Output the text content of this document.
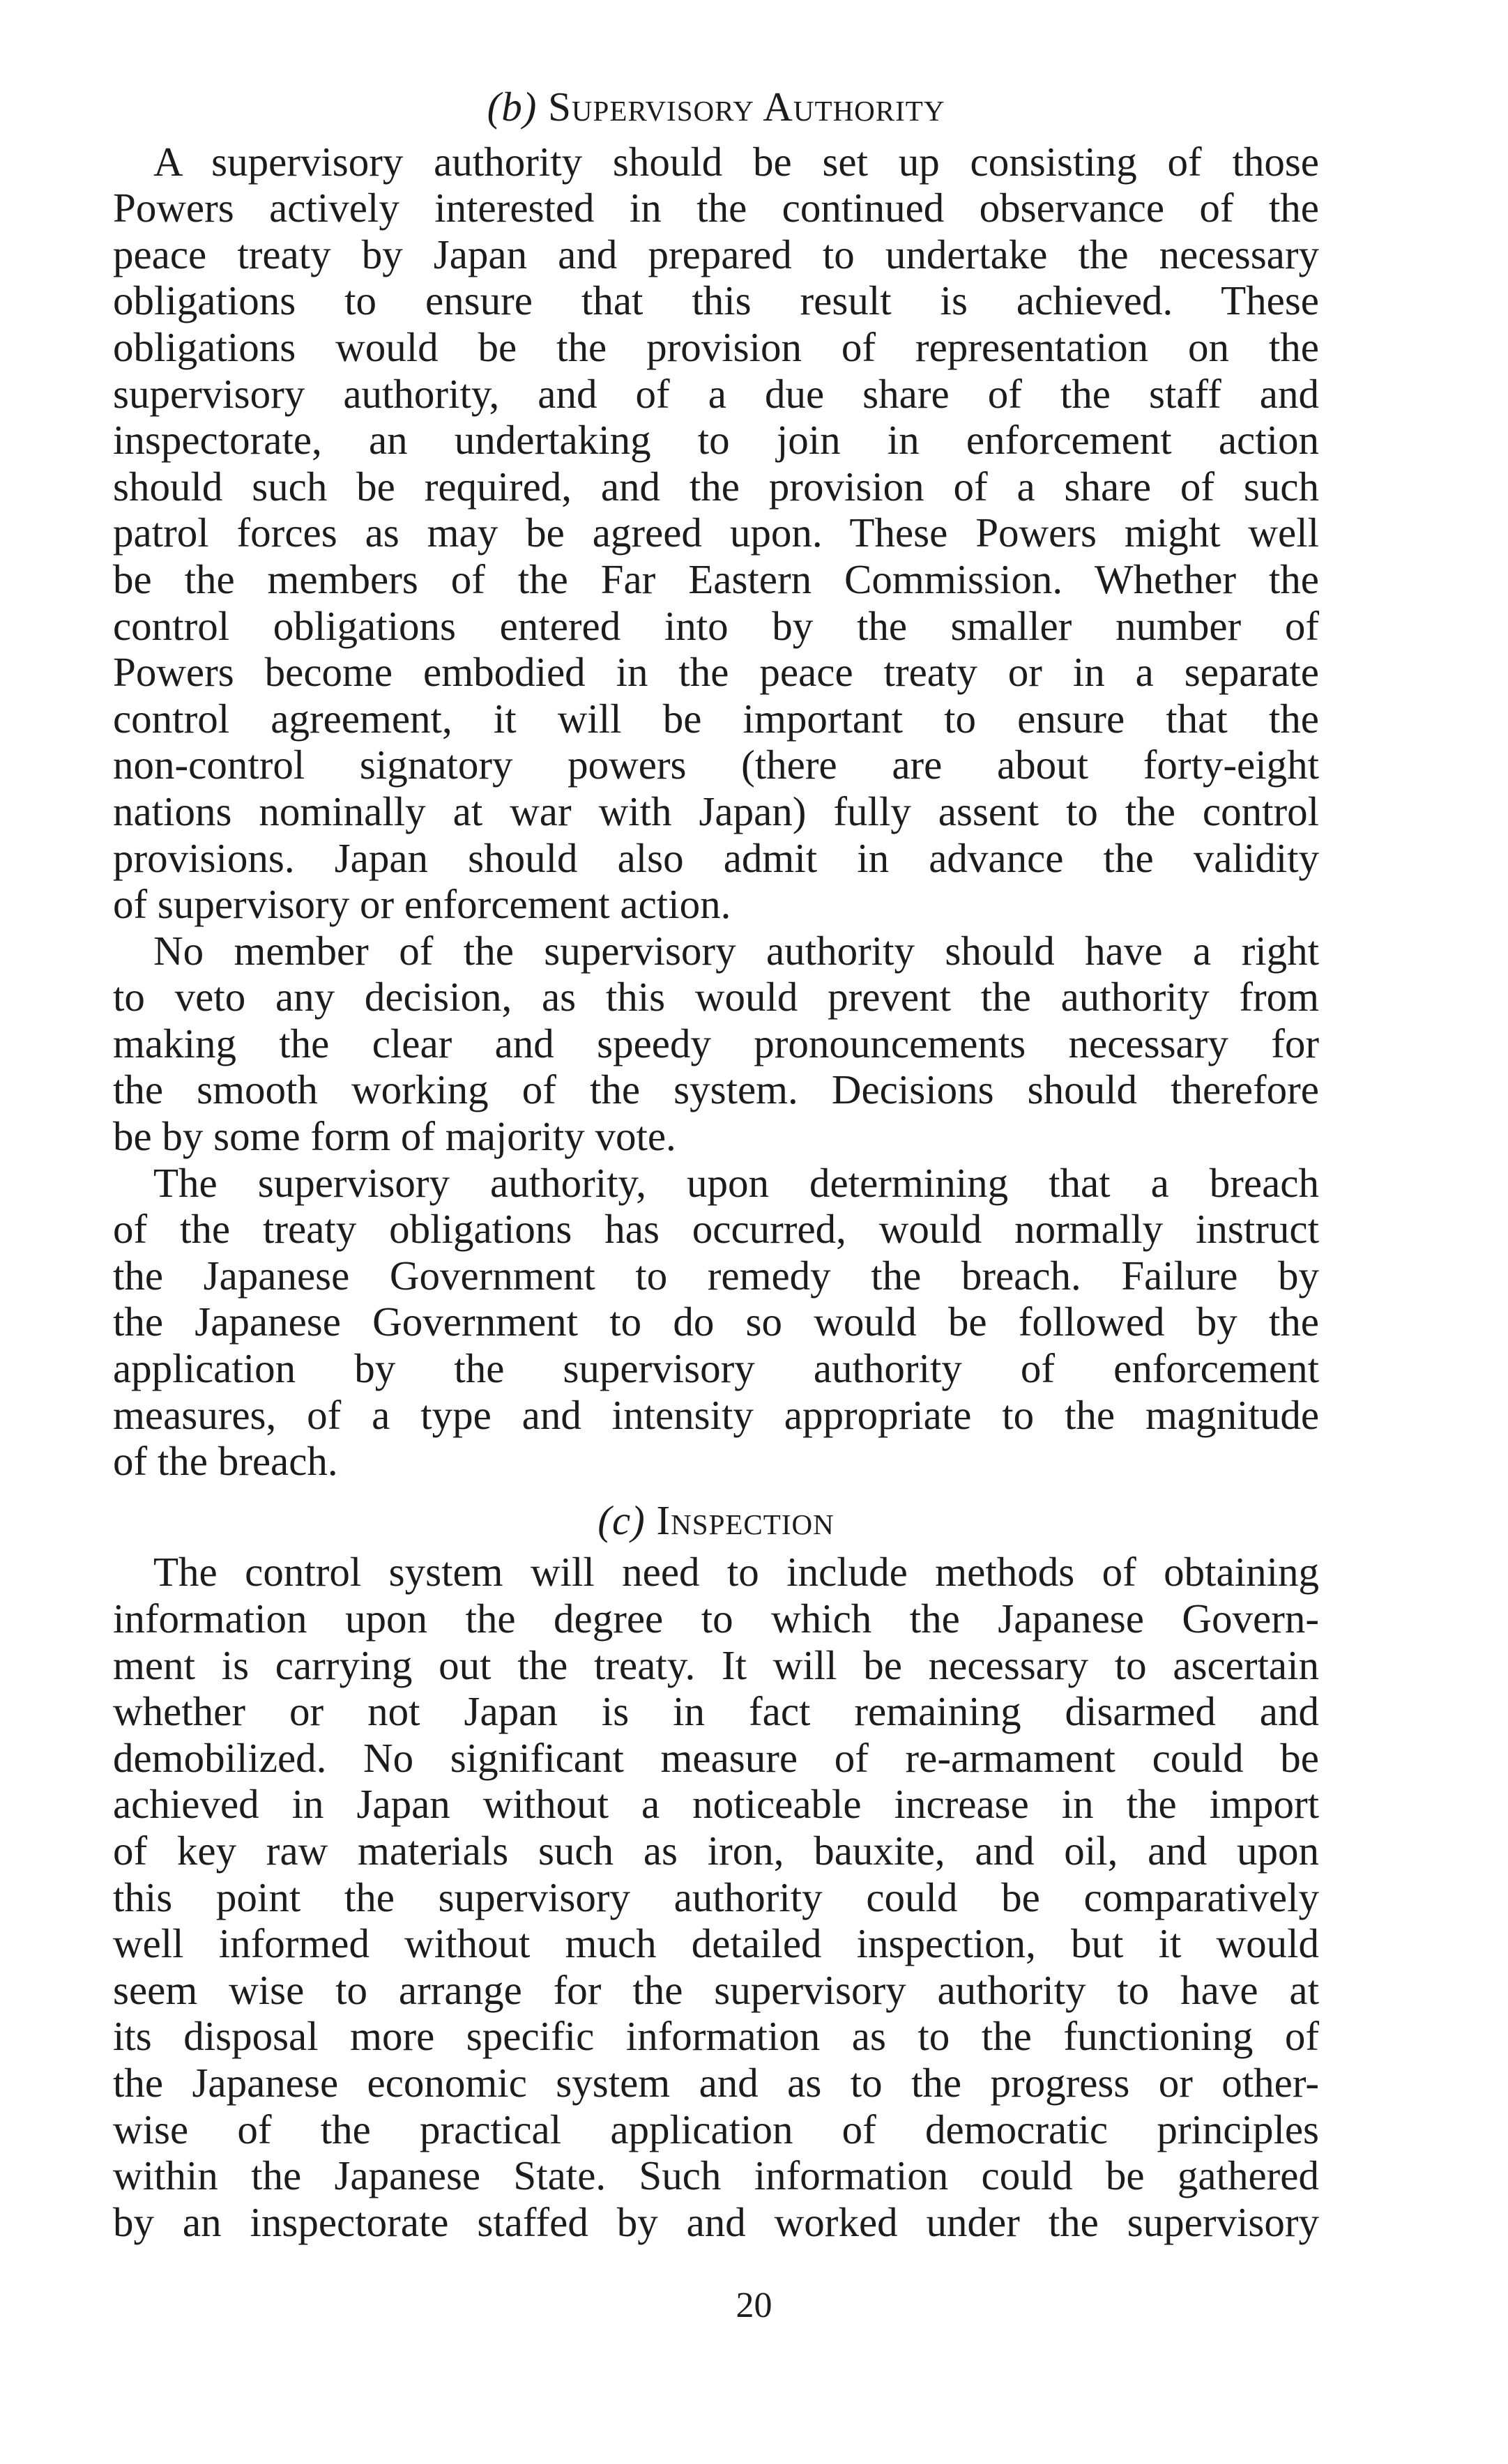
(b) Supervisory Authority
A supervisory authority should be set up consisting of those
Powers actively interested in the continued observance of the
peace treaty by Japan and prepared to undertake the necessary
obligations to ensure that this result is achieved. These
obligations would be the provision of representation on the
supervisory authority, and of a due share of the staff and
inspectorate, an undertaking to join in enforcement action
should such be required, and the provision of a share of such
patrol forces as may be agreed upon. These Powers might well
be the members of the Far Eastern Commission. Whether the
control obligations entered into by the smaller number of
Powers become embodied in the peace treaty or in a separate
control agreement, it will be important to ensure that the
non-control signatory powers (there are about forty-eight
nations nominally at war with Japan) fully assent to the control
provisions. Japan should also admit in advance the validity
of supervisory or enforcement action.
No member of the supervisory authority should have a right
to veto any decision, as this would prevent the authority from
making the clear and speedy pronouncements necessary for
the smooth working of the system. Decisions should therefore
be by some form of majority vote.
The supervisory authority, upon determining that a breach
of the treaty obligations has occurred, would normally instruct
the Japanese Government to remedy the breach. Failure by
the Japanese Government to do so would be followed by the
application by the supervisory authority of enforcement
measures, of a type and intensity appropriate to the magnitude
of the breach.
(c) Inspection
The control system will need to include methods of obtaining
information upon the degree to which the Japanese Govern-
ment is carrying out the treaty. It will be necessary to ascertain
whether or not Japan is in fact remaining disarmed and
demobilized. No significant measure of re-armament could be
achieved in Japan without a noticeable increase in the import
of key raw materials such as iron, bauxite, and oil, and upon
this point the supervisory authority could be comparatively
well informed without much detailed inspection, but it would
seem wise to arrange for the supervisory authority to have at
its disposal more specific information as to the functioning of
the Japanese economic system and as to the progress or other-
wise of the practical application of democratic principles
within the Japanese State. Such information could be gathered
by an inspectorate staffed by and worked under the supervisory
20
